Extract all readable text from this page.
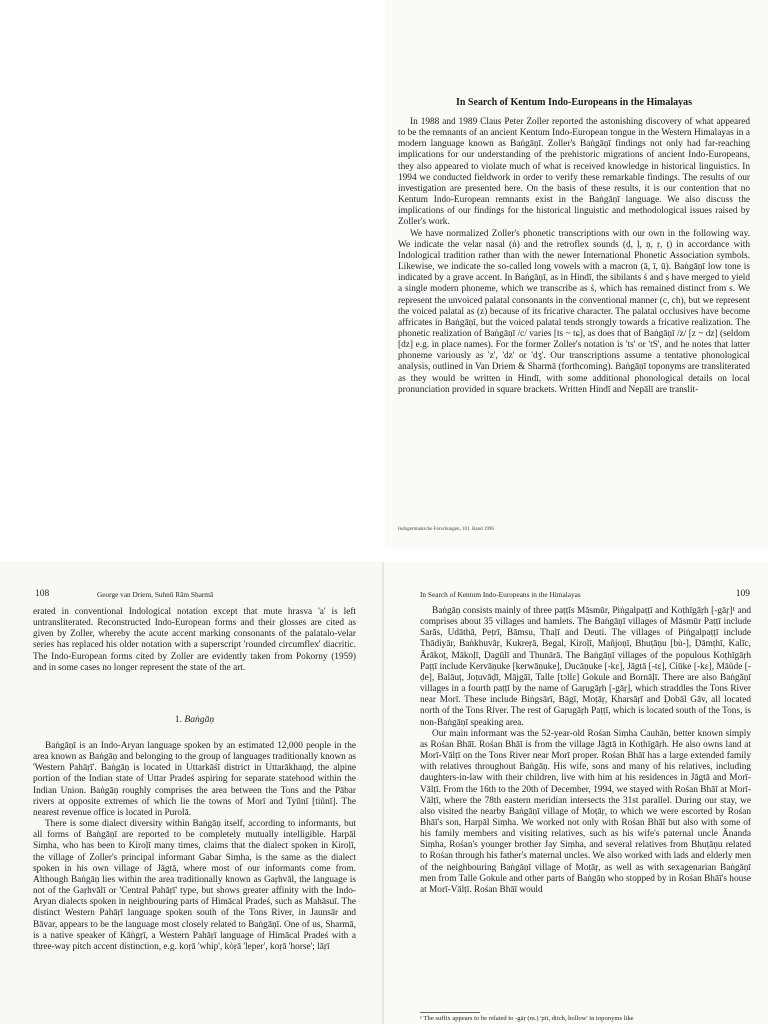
In Search of Kentum Indo-Europeans in the Himalayas

In 1988 and 1989 Claus Peter Zoller reported the astonishing discovery of what appeared to be the remnants of an ancient Kentum Indo-European tongue in the Western Himalayas in a modern language known as Baṅgāṇī. Zoller's Baṅgāṇī findings not only had far-reaching implications for our understanding of the prehistoric migrations of ancient Indo-Europeans, they also appeared to violate much of what is received knowledge in historical linguistics. In 1994 we conducted fieldwork in order to verify these remarkable findings. The results of our investigation are presented here. On the basis of these results, it is our contention that no Kentum Indo-European remnants exist in the Baṅgāṇī language. We also discuss the implications of our findings for the historical linguistic and methodological issues raised by Zoller's work.

We have normalized Zoller's phonetic transcriptions with our own in the following way. We indicate the velar nasal (ṅ) and the retroflex sounds (ḍ, ḷ, ṇ, ṛ, ṭ) in accordance with Indological tradition rather than with the newer International Phonetic Association symbols. Likewise, we indicate the so-called long vowels with a macron (ā, ī, ū). Baṅgāṇī low tone is indicated by a grave accent. In Baṅgāṇī, as in Hindī, the sibilants ś and ṣ have merged to yield a single modern phoneme, which we transcribe as ś, which has remained distinct from s. We represent the unvoiced palatal consonants in the conventional manner (c, ch), but we represent the voiced palatal as (z) because of its fricative character. The palatal occlusives have become affricates in Baṅgāṇī, but the voiced palatal tends strongly towards a fricative realization. The phonetic realization of Baṅgāṇī /c/ varies [ts ~ tɕ], as does that of Baṅgāṇī /z/ [z ~ dz] (seldom [dz] e.g. in place names). For the former Zoller's notation is 'ts' or 'tS', and he notes that latter phoneme variously as 'z', 'dz' or 'dʒ'. Our transcriptions assume a tentative phonological analysis, outlined in Van Driem & Sharmā (forthcoming). Baṅgāṇī toponyms are transliterated as they would be written in Hindī, with some additional phonological details on local pronunciation provided in square brackets. Written Hindī and Nepālī are translit-

Indogermanische Forschungen, 101. Band 1996
108	George van Driem, Suhnū Rām Sharmā

erated in conventional Indological notation except that mute hrasva 'a' is left untransliterated. Reconstructed Indo-European forms and their glosses are cited as given by Zoller, whereby the acute accent marking consonants of the palatalo-velar series has replaced his older notation with a superscript 'rounded circumflex' diacritic. The Indo-European forms cited by Zoller are evidently taken from Pokorny (1959) and in some cases no longer represent the state of the art.

1. Baṅgāṇ

Baṅgāṇī is an Indo-Aryan language spoken by an estimated 12,000 people in the area known as Baṅgāṇ and belonging to the group of languages traditionally known as 'Western Pahāṛī'. Baṅgāṇ is located in Uttarkāśī district in Uttarākhaṇḍ, the alpine portion of the Indian state of Uttar Pradeś aspiring for separate statehood within the Indian Union. Baṅgāṇ roughly comprises the area between the Tons and the Pābar rivers at opposite extremes of which lie the towns of Morī and Tyūnī [tiũnī]. The nearest revenue office is located in Purolā.

There is some dialect diversity within Baṅgāṇ itself, according to informants, but all forms of Baṅgāṇī are reported to be completely mutually intelligible. Harpāl Siṃha, who has been to Kiroḷī many times, claims that the dialect spoken in Kiroḷī, the village of Zoller's principal informant Gabar Siṃha, is the same as the dialect spoken in his own village of Jāgtā, where most of our informants come from. Although Baṅgāṇ lies within the area traditionally known as Gaṛhvāl, the language is not of the Gaṛhvālī or 'Central Pahāṛī' type, but shows greater affinity with the Indo-Aryan dialects spoken in neighbouring parts of Himācal Pradeś, such as Mahāsuī. The distinct Western Pahāṛī language spoken south of the Tons River, in Jaunsār and Bāvar, appears to be the language most closely related to Baṅgāṇī. One of us, Sharmā, is a native speaker of Kāṅgṛī, a Western Pahāṛī language of Himācal Pradeś with a three-way pitch accent distinction, e.g. koṛā 'whip', kòṛā 'leper', koṛā 'horse'; lāṛī

In Search of Kentum Indo-Europeans in the Himalayas	109

Baṅgāṇ consists mainly of three paṭṭīs Māsmūr, Piṅgalpaṭṭī and Koṭhīgāṛh [-gāṛ]¹ and comprises about 35 villages and hamlets. The Baṅgāṇī villages of Māsmūr Paṭṭī include Sarās, Udāthā, Peṭrī, Bāmsu, Thaḷī and Deuti. The villages of Piṅgalpaṭṭī include Thādiyār, Baṅkhuvāṛ, Kukreṛā, Begal, Kiroḷī, Mañjoṇī, Bhuṭāṇu [bù-], Ḍāmṭhī, Kalīc, Ārākoṭ, Mākoḷī, Ḍagūlī and Thunārā. The Baṅgāṇī villages of the populous Koṭhīgāṛh Paṭṭī include Kervāṇuke [kerwāṇuke], Ducāṇuke [-kɛ], Jāgtā [-tɛ], Ciūke [-kɛ], Māũde [-ḍe], Balāuṭ, Joṭuvāḍī, Mājgāī, Talle [tɔllɛ] Gokule and Bornāḷī. There are also Baṅgāṇī villages in a fourth paṭṭī by the name of Gaṛugāṛh [-gāṛ], which straddles the Tons River near Morī. These include Biṅgsārī, Bāgī, Moṭāṛ, Kharsāṛī and Ḍobāl Gāv, all located north of the Tons River. The rest of Gaṛugāṛh Paṭṭī, which is located south of the Tons, is non-Baṅgāṇī speaking area.

Our main informant was the 52-year-old Rośan Siṃha Cauhān, better known simply as Rośan Bhāī. Rośan Bhāī is from the village Jāgtā in Koṭhīgāṛh. He also owns land at Morī-Vālṭī on the Tons River near Morī proper. Rośan Bhāī has a large extended family with relatives throughout Baṅgāṇ. His wife, sons and many of his relatives, including daughters-in-law with their children, live with him at his residences in Jāgtā and Morī-Vālṭī. From the 16th to the 20th of December, 1994, we stayed with Rośan Bhāī at Morī-Vālṭī, where the 78th eastern meridian intersects the 31st parallel. During our stay, we also visited the nearby Baṅgāṇī village of Moṭāṛ, to which we were escorted by Rośan Bhāī's son, Harpāl Siṃha. We worked not only with Rośan Bhāī but also with some of his family members and visiting relatives, such as his wife's paternal uncle Ānanda Siṃha, Rośan's younger brother Jay Siṃha, and several relatives from Bhuṭāṇu related to Rośan through his father's maternal uncles. We also worked with lads and elderly men of the neighbouring Baṅgāṇī village of Moṭāṛ, as well as with sexagenarian Baṅgāṇī men from Talle Gokule and other parts of Baṅgāṇ who stopped by in Rośan Bhāī's house at Morī-Vālṭī. Rośan Bhāī would

¹ The suffix appears to be related to -gāṛ (m.) 'pit, ditch, hollow' in toponyms like
